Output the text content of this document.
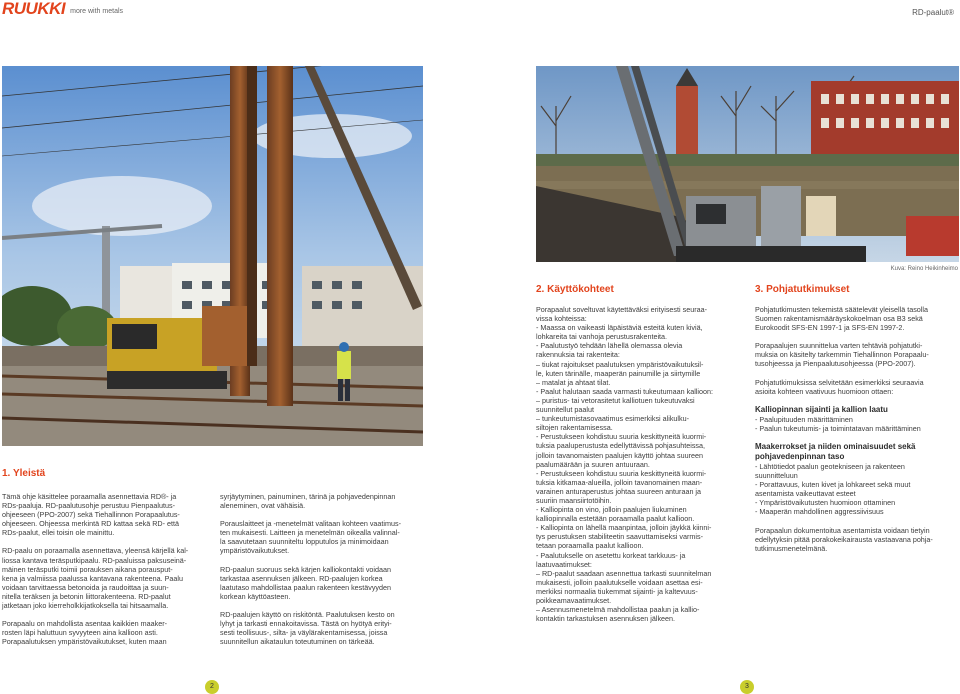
RUUKKI more with metals	RD-paalut®
Kuva: Reino Heikinheimo
1. Yleistä
2. Käyttökohteet	3. Pohjatutkimukset

Tämä ohje käsittelee poraamalla asennettavia RD®- ja
RDs-paaluja. RD-paalutusohje perustuu Pienpaalutus-
ohjeeseen (PPO-2007) sekä Tiehallinnon Porapaalutus-
ohjeeseen. Ohjeessa merkintä RD kattaa sekä RD- että
RDs-paalut, ellei toisin ole mainittu.

RD-paalu on poraamalla asennettava, yleensä kärjellä kal-
liossa kantava teräsputkipaalu. RD-paaluissa paksuseinä-
mäinen teräsputki toimii porauksen aikana porausput-
kena ja valmiissa paalussa kantavana rakenteena. Paalu
voidaan tarvittaessa betonoida ja raudoittaa ja suun-
nitella teräksen ja betonin liittorakenteena. RD-paalut
jatketaan joko kierreholkkijatkoksella tai hitsaamalla.

Porapaalu on mahdollista asentaa kaikkien maaker-
rosten läpi haluttuun syvyyteen aina kallioon asti.
Porapaalutuksen ympäristövaikutukset, kuten maan

syrjäytyminen, painuminen, tärinä ja pohjavedenpinnan
aleneminen, ovat vähäisiä.

Porauslaitteet ja -menetelmät valitaan kohteen vaatimus-
ten mukaisesti. Laitteen ja menetelmän oikealla valinnal-
la saavutetaan suunniteltu lopputulos ja minimoidaan
ympäristövaikutukset.

RD-paalun suoruus sekä kärjen kalliokontakti voidaan
tarkastaa asennuksen jälkeen. RD-paalujen korkea
laatutaso mahdollistaa paalun rakenteen kestävyyden
korkean käyttöasteen.

RD-paalujen käyttö on riskitöntä. Paalutuksen kesto on
lyhyt ja tarkasti ennakoitavissa. Tästä on hyötyä erityi-
sesti teollisuus-, silta- ja väylärakentamisessa, joissa
suunnitellun aikataulun toteutuminen on tärkeää.

Porapaalut soveltuvat käytettäväksi erityisesti seuraa-
vissa kohteissa:
- Maassa on vaikeasti läpäistäviä esteitä kuten kiviä,
lohkareita tai vanhoja perustusrakenteita.
- Paalutustyö tehdään lähellä olemassa olevia
rakennuksia tai rakenteita:
– tiukat rajoitukset paalutuksen ympäristövaikutuksil-
le, kuten tärinälle, maaperän painumille ja siirtymille
– matalat ja ahtaat tilat.
- Paalut halutaan saada varmasti tukeutumaan kallioon:
– puristus- tai vetorasitetut kalliotuen tukeutuvaksi
suunnitellut paalut
– tunkeutumistasovaatimus esimerkiksi alikulku-
siltojen rakentamisessa.
- Perustukseen kohdistuu suuria keskittyneitä kuormi-
tuksia paaluperustusta edellyttävissä pohjasuhteissa,
jolloin tavanomaisten paalujen käyttö johtaa suureen
paalumäärään ja suuren antuuraan.
- Perustukseen kohdistuu suuria keskittyneitä kuormi-
tuksia kitkamaa-alueilla, jolloin tavanomainen maan-
varainen anturaperustus johtaa suureen anturaan ja
suuriin maansiirtotöihin.
- Kalliopinta on vino, jolloin paalujen liukuminen
kalliopinnalla estetään poraamalla paalut kallioon.
- Kalliopinta on lähellä maanpintaa, jolloin jäykkä kiinni-
tys perustuksen stabiliteetin saavuttamiseksi varmis-
tetaan poraamalla paalut kallioon.
- Paalutukselle on asetettu korkeat tarkkuus- ja
laatuvaatimukset:
– RD-paalut saadaan asennettua tarkasti suunnitelman
mukaisesti, jolloin paalutukselle voidaan asettaa esi-
merkiksi normaalia tiukemmat sijainti- ja kaltevuus-
poikkeamavaatimukset.
– Asennusmenetelmä mahdollistaa paalun ja kallio-
kontaktin tarkastuksen asennuksen jälkeen.

Pohjatutkimusten tekemistä säätelevät yleisellä tasolla
Suomen rakentamismääräyskokoelman osa B3 sekä
Eurokoodit SFS-EN 1997-1 ja SFS-EN 1997-2.

Porapaalujen suunnittelua varten tehtäviä pohjatutki-
muksia on käsitelty tarkemmin Tiehallinnon Porapaalu-
tusohjeessa ja Pienpaalutusohjeessa (PPO-2007).

Pohjatutkimuksissa selvitetään esimerkiksi seuraavia
asioita kohteen vaativuus huomioon ottaen:

Kalliopinnan sijainti ja kallion laatu
- Paalupituuden määrittäminen
- Paalun tukeutumis- ja toimintatavan määrittäminen
Maakerrokset ja niiden ominaisuudet sekä
pohjavedenpinnan taso
- Lähtötiedot paalun geotekniseen ja rakenteen
suunnitteluun
- Porattavuus, kuten kivet ja lohkareet sekä muut
asentamista vaikeuttavat esteet
- Ympäristövaikutusten huomioon ottaminen
- Maaperän mahdollinen aggressiivisuus

Porapaalun dokumentoitua asentamista voidaan tietyin
edellytyksin pitää porakokeikairausta vastaavana pohja-
tutkimusmenetelmänä.

2	3
